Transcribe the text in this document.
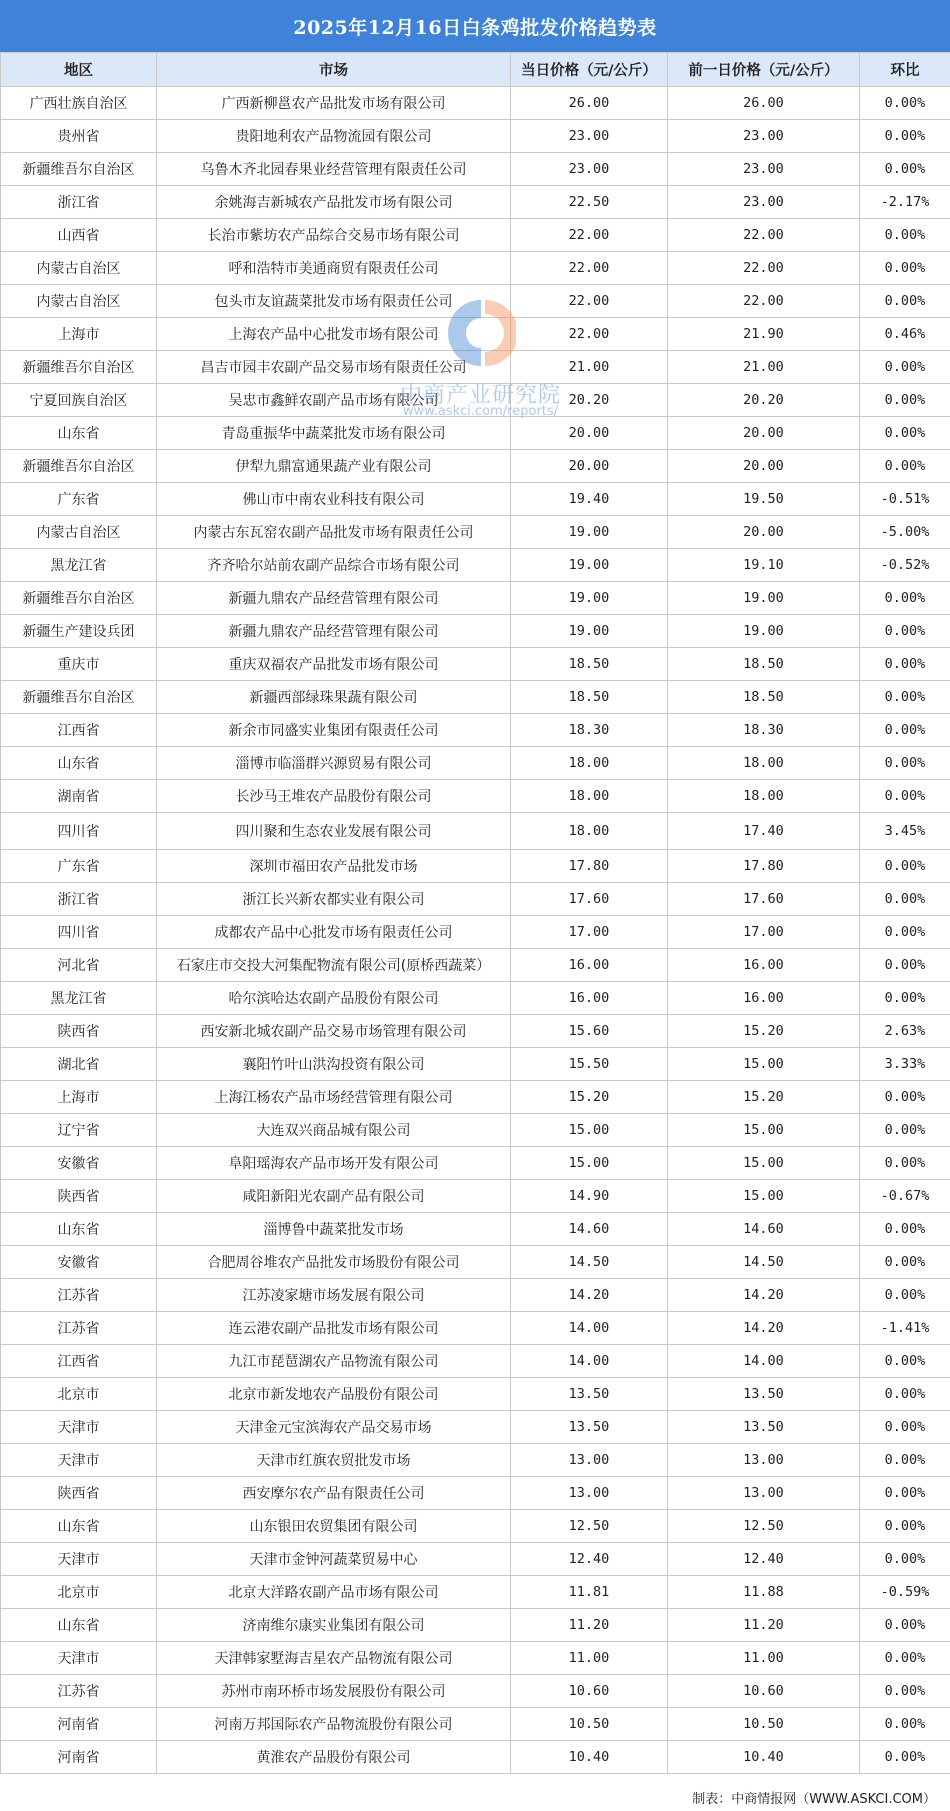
2025年12月16日白条鸡批发价格趋势表
地区	市场	当日价格（元/公斤）	前一日价格（元/公斤）	环比
广西壮族自治区	广西新柳邕农产品批发市场有限公司	26.00	26.00	0.00%
贵州省	贵阳地利农产品物流园有限公司	23.00	23.00	0.00%
新疆维吾尔自治区	乌鲁木齐北园春果业经营管理有限责任公司	23.00	23.00	0.00%
浙江省	余姚海吉新城农产品批发市场有限公司	22.50	23.00	-2.17%
山西省	长治市紫坊农产品综合交易市场有限公司	22.00	22.00	0.00%
内蒙古自治区	呼和浩特市美通商贸有限责任公司	22.00	22.00	0.00%
内蒙古自治区	包头市友谊蔬菜批发市场有限责任公司	22.00	22.00	0.00%
上海市	上海农产品中心批发市场有限公司	22.00	21.90	0.46%
新疆维吾尔自治区	昌吉市园丰农副产品交易市场有限责任公司	21.00	21.00	0.00%
宁夏回族自治区	吴忠市鑫鲜农副产品市场有限公司	20.20	20.20	0.00%
山东省	青岛重振华中蔬菜批发市场有限公司	20.00	20.00	0.00%
新疆维吾尔自治区	伊犁九鼎富通果蔬产业有限公司	20.00	20.00	0.00%
广东省	佛山市中南农业科技有限公司	19.40	19.50	-0.51%
内蒙古自治区	内蒙古东瓦窑农副产品批发市场有限责任公司	19.00	20.00	-5.00%
黑龙江省	齐齐哈尔站前农副产品综合市场有限公司	19.00	19.10	-0.52%
新疆维吾尔自治区	新疆九鼎农产品经营管理有限公司	19.00	19.00	0.00%
新疆生产建设兵团	新疆九鼎农产品经营管理有限公司	19.00	19.00	0.00%
重庆市	重庆双福农产品批发市场有限公司	18.50	18.50	0.00%
新疆维吾尔自治区	新疆西部绿珠果蔬有限公司	18.50	18.50	0.00%
江西省	新余市同盛实业集团有限责任公司	18.30	18.30	0.00%
山东省	淄博市临淄群兴源贸易有限公司	18.00	18.00	0.00%
湖南省	长沙马王堆农产品股份有限公司	18.00	18.00	0.00%
四川省	四川聚和生态农业发展有限公司	18.00	17.40	3.45%
广东省	深圳市福田农产品批发市场	17.80	17.80	0.00%
浙江省	浙江长兴新农都实业有限公司	17.60	17.60	0.00%
四川省	成都农产品中心批发市场有限责任公司	17.00	17.00	0.00%
河北省	石家庄市交投大河集配物流有限公司(原桥西蔬菜）	16.00	16.00	0.00%
黑龙江省	哈尔滨哈达农副产品股份有限公司	16.00	16.00	0.00%
陕西省	西安新北城农副产品交易市场管理有限公司	15.60	15.20	2.63%
湖北省	襄阳竹叶山洪沟投资有限公司	15.50	15.00	3.33%
上海市	上海江杨农产品市场经营管理有限公司	15.20	15.20	0.00%
辽宁省	大连双兴商品城有限公司	15.00	15.00	0.00%
安徽省	阜阳瑶海农产品市场开发有限公司	15.00	15.00	0.00%
陕西省	咸阳新阳光农副产品有限公司	14.90	15.00	-0.67%
山东省	淄博鲁中蔬菜批发市场	14.60	14.60	0.00%
安徽省	合肥周谷堆农产品批发市场股份有限公司	14.50	14.50	0.00%
江苏省	江苏凌家塘市场发展有限公司	14.20	14.20	0.00%
江苏省	连云港农副产品批发市场有限公司	14.00	14.20	-1.41%
江西省	九江市琵琶湖农产品物流有限公司	14.00	14.00	0.00%
北京市	北京市新发地农产品股份有限公司	13.50	13.50	0.00%
天津市	天津金元宝滨海农产品交易市场	13.50	13.50	0.00%
天津市	天津市红旗农贸批发市场	13.00	13.00	0.00%
陕西省	西安摩尔农产品有限责任公司	13.00	13.00	0.00%
山东省	山东银田农贸集团有限公司	12.50	12.50	0.00%
天津市	天津市金钟河蔬菜贸易中心	12.40	12.40	0.00%
北京市	北京大洋路农副产品市场有限公司	11.81	11.88	-0.59%
山东省	济南维尔康实业集团有限公司	11.20	11.20	0.00%
天津市	天津韩家墅海吉星农产品物流有限公司	11.00	11.00	0.00%
江苏省	苏州市南环桥市场发展股份有限公司	10.60	10.60	0.00%
河南省	河南万邦国际农产品物流股份有限公司	10.50	10.50	0.00%
河南省	黄淮农产品股份有限公司	10.40	10.40	0.00%
中商产业研究院
www.askci.com/reports/
制表：中商情报网（WWW.ASKCI.COM）
